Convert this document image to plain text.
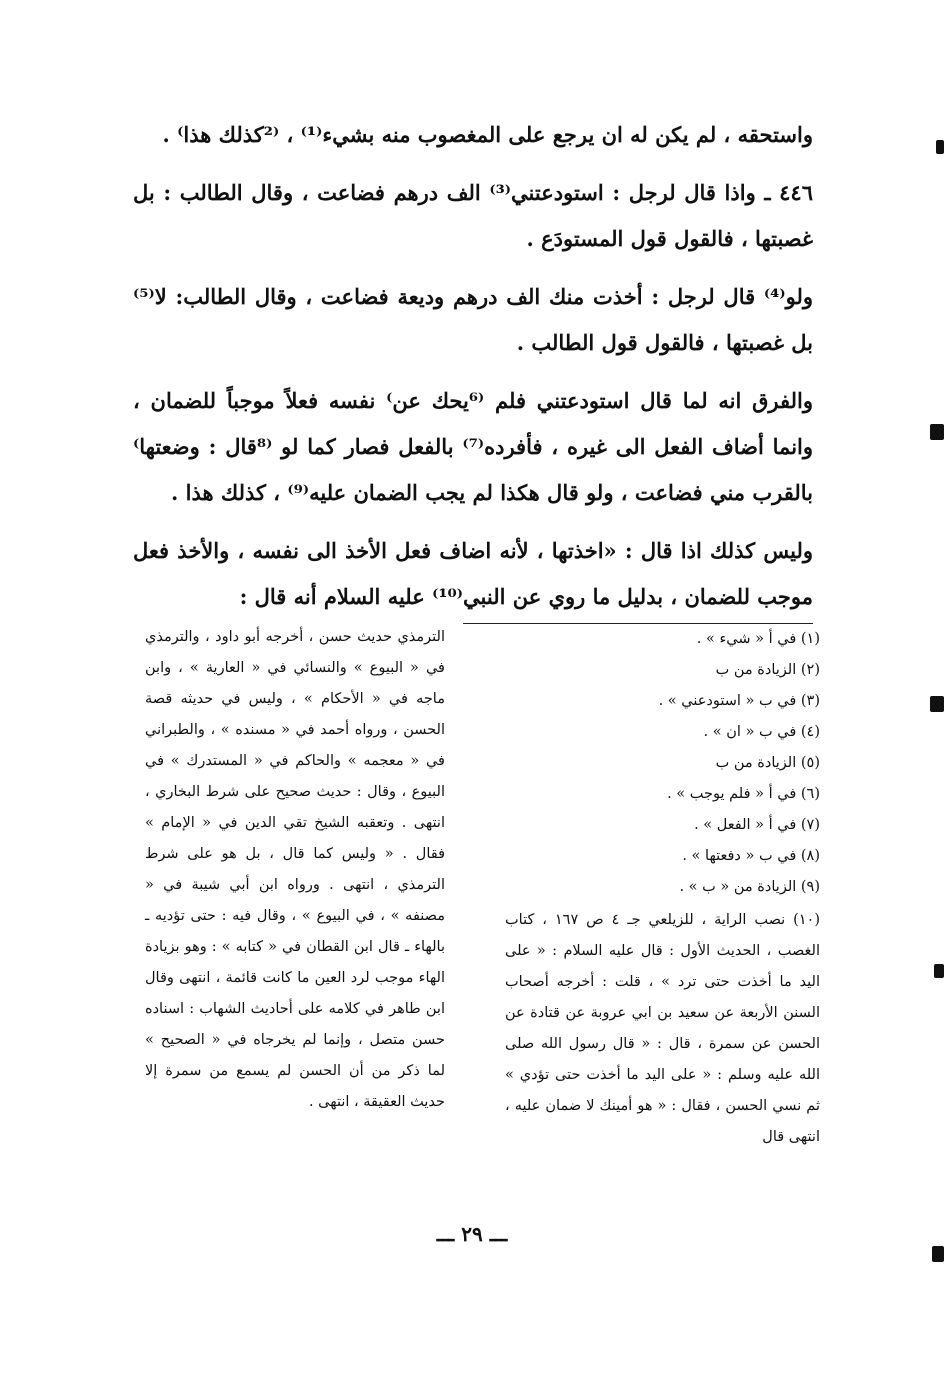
واستحقه ، لم يكن له ان يرجع على المغصوب منه بشيء⁽¹⁾ ، ⁽²كذلك هذا⁾ .

٤٤٦ ـ واذا قال لرجل : استودعتني⁽³⁾ الف درهم فضاعت ، وقال الطالب : بل غصبتها ، فالقول قول المستودَع .

ولو⁽⁴⁾ قال لرجل : أخذت منك الف درهم وديعة فضاعت ، وقال الطالب: لا⁽⁵⁾ بل غصبتها ، فالقول قول الطالب .

والفرق انه لما قال استودعتني فلم ⁽⁶يحك عن⁾ نفسه فعلاً موجباً للضمان ، وانما أضاف الفعل الى غيره ، فأفرده⁽⁷⁾ بالفعل فصار كما لو ⁽⁸قال : وضعتها⁾ بالقرب مني فضاعت ، ولو قال هكذا لم يجب الضمان عليه⁽⁹⁾ ، كذلك هذا .

وليس كذلك اذا قال : «اخذتها ، لأنه اضاف فعل الأخذ الى نفسه ، والأخذ فعل موجب للضمان ، بدليل ما روي عن النبي⁽¹⁰⁾ عليه السلام أنه قال :

(١) في أ « شيء » .

(٢) الزيادة من ب

(٣) في ب « استودعني » .

(٤) في ب « ان » .

(٥) الزيادة من ب

(٦) في أ « فلم يوجب » .

(٧) في أ « الفعل » .

(٨) في ب « دفعتها » .

(٩) الزيادة من « ب » .

(١٠) نصب الراية ، للزيلعي جـ ٤ ص ١٦٧ ، كتاب الغصب ، الحديث الأول : قال عليه السلام : « على اليد ما أخذت حتى ترد » ، قلت : أخرجه أصحاب السنن الأربعة عن سعيد بن ابي عروبة عن قتادة عن الحسن عن سمرة ، قال : « قال رسول الله صلى الله عليه وسلم : « على اليد ما أخذت حتى تؤدي » ثم نسي الحسن ، فقال : « هو أمينك لا ضمان عليه ، انتهى قال

الترمذي حديث حسن ، أخرجه أبو داود ، والترمذي في « البيوع » والنسائي في « العارية » ، وابن ماجه في « الأحكام » ، وليس في حديثه قصة الحسن ، ورواه أحمد في « مسنده » ، والطبراني في « معجمه » والحاكم في « المستدرك » في البيوع ، وقال : حديث صحيح على شرط البخاري ، انتهى . وتعقبه الشيخ تقي الدين في « الإمام » فقال . « وليس كما قال ، بل هو على شرط الترمذي ، انتهى . ورواه ابن أبي شيبة في « مصنفه » ، في البيوع » ، وقال فيه : حتى تؤديه ـ بالهاء ـ قال ابن القطان في « كتابه » : وهو بزيادة الهاء موجب لرد العين ما كانت قائمة ، انتهى وقال ابن طاهر في كلامه على أحاديث الشهاب : اسناده حسن متصل ، وإنما لم يخرجاه في « الصحيح » لما ذكر من أن الحسن لم يسمع من سمرة إلا حديث العقيقة ، انتهى .

ـــ ٢٩ ـــ
